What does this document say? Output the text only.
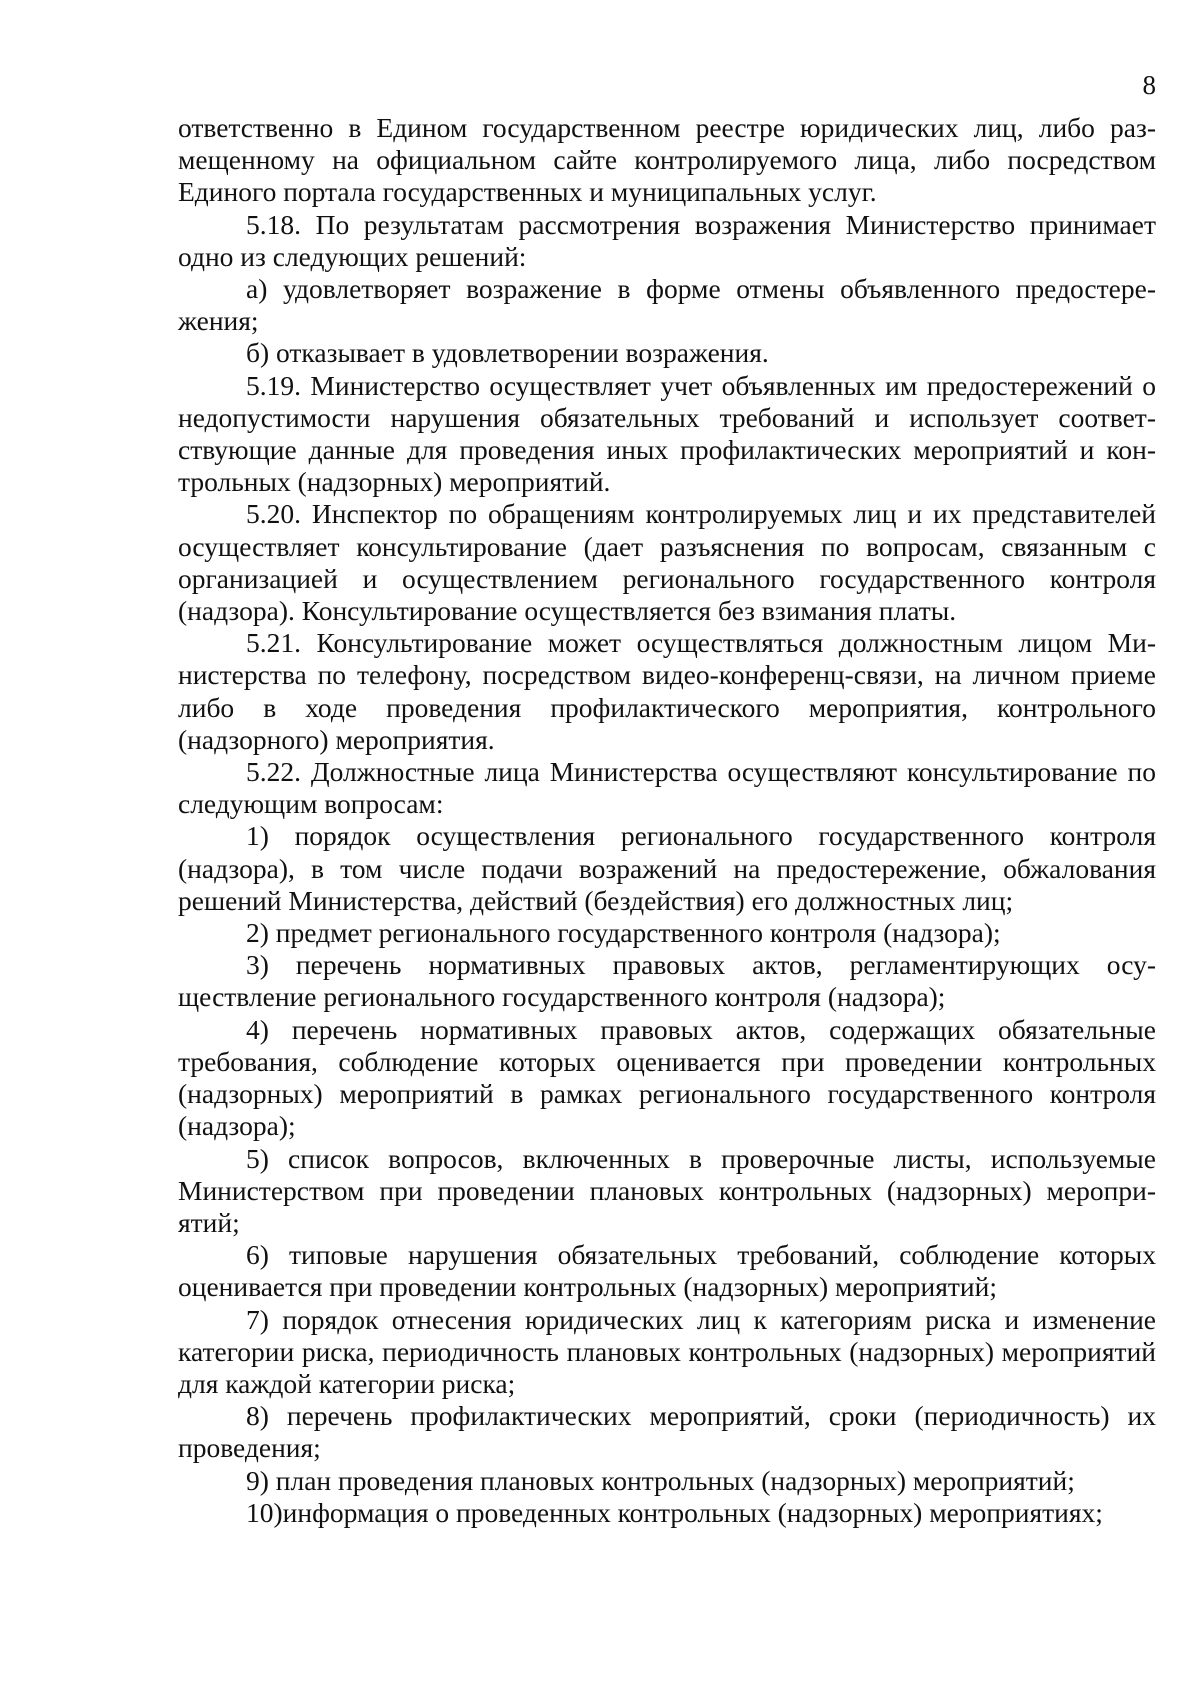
8

ответственно в Едином государственном реестре юридических лиц, либо размещенному на официальном сайте контролируемого лица, либо посредством Единого портала государственных и муниципальных услуг.

5.18. По результатам рассмотрения возражения Министерство принимает одно из следующих решений:

а) удовлетворяет возражение в форме отмены объявленного предостережения;

б) отказывает в удовлетворении возражения.

5.19. Министерство осуществляет учет объявленных им предостережений о недопустимости нарушения обязательных требований и использует соответствующие данные для проведения иных профилактических мероприятий и контрольных (надзорных) мероприятий.

5.20. Инспектор по обращениям контролируемых лиц и их представителей осуществляет консультирование (дает разъяснения по вопросам, связанным с организацией и осуществлением регионального государственного контроля (надзора). Консультирование осуществляется без взимания платы.

5.21. Консультирование может осуществляться должностным лицом Министерства по телефону, посредством видео-конференц-связи, на личном приеме либо в ходе проведения профилактического мероприятия, контрольного (надзорного) мероприятия.

5.22. Должностные лица Министерства осуществляют консультирование по следующим вопросам:

1) порядок осуществления регионального государственного контроля (надзора), в том числе подачи возражений на предостережение, обжалования решений Министерства, действий (бездействия) его должностных лиц;

2) предмет регионального государственного контроля (надзора);

3) перечень нормативных правовых актов, регламентирующих осуществление регионального государственного контроля (надзора);

4) перечень нормативных правовых актов, содержащих обязательные требования, соблюдение которых оценивается при проведении контрольных (надзорных) мероприятий в рамках регионального государственного контроля (надзора);

5) список вопросов, включенных в проверочные листы, используемые Министерством при проведении плановых контрольных (надзорных) мероприятий;

6) типовые нарушения обязательных требований, соблюдение которых оценивается при проведении контрольных (надзорных) мероприятий;

7) порядок отнесения юридических лиц к категориям риска и изменение категории риска, периодичность плановых контрольных (надзорных) мероприятий для каждой категории риска;

8) перечень профилактических мероприятий, сроки (периодичность) их проведения;

9) план проведения плановых контрольных (надзорных) мероприятий;

10)информация о проведенных контрольных (надзорных) мероприятиях;
